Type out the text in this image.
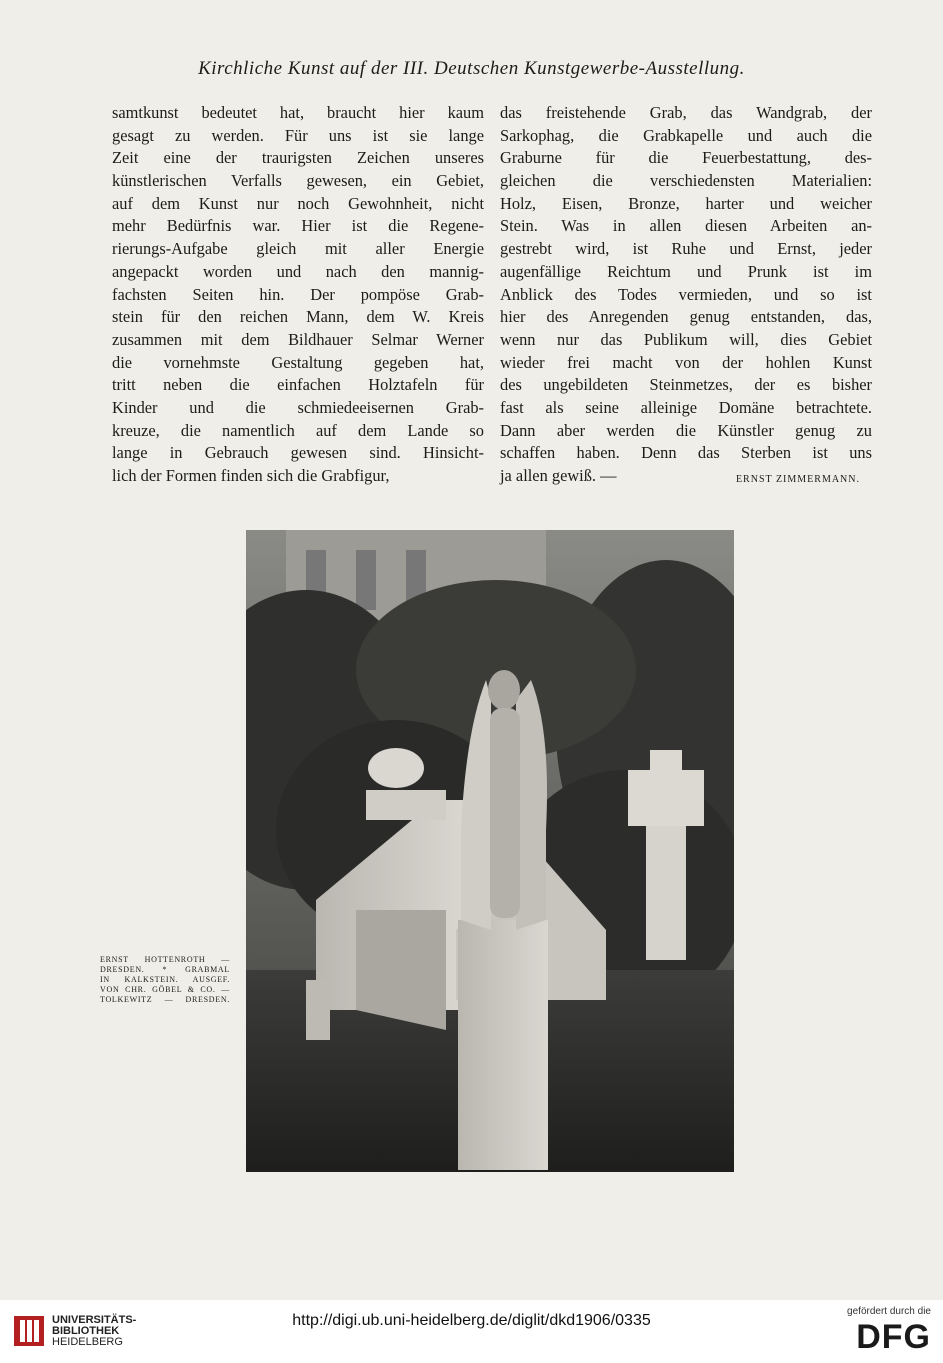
Kirchliche Kunst auf der III. Deutschen Kunstgewerbe-Ausstellung.
samtkunst bedeutet hat, braucht hier kaum
gesagt zu werden. Für uns ist sie lange
Zeit eine der traurigsten Zeichen unseres
künstlerischen Verfalls gewesen, ein Gebiet,
auf dem Kunst nur noch Gewohnheit, nicht
mehr Bedürfnis war. Hier ist die Regene-
rierungs-Aufgabe gleich mit aller Energie
angepackt worden und nach den mannig-
fachsten Seiten hin. Der pompöse Grab-
stein für den reichen Mann, dem W. Kreis
zusammen mit dem Bildhauer Selmar Werner
die vornehmste Gestaltung gegeben hat,
tritt neben die einfachen Holztafeln für
Kinder und die schmiedeeisernen Grab-
kreuze, die namentlich auf dem Lande so
lange in Gebrauch gewesen sind. Hinsicht-
lich der Formen finden sich die Grabfigur,
das freistehende Grab, das Wandgrab, der
Sarkophag, die Grabkapelle und auch die
Graburne für die Feuerbestattung, des-
gleichen die verschiedensten Materialien:
Holz, Eisen, Bronze, harter und weicher
Stein. Was in allen diesen Arbeiten an-
gestrebt wird, ist Ruhe und Ernst, jeder
augenfällige Reichtum und Prunk ist im
Anblick des Todes vermieden, und so ist
hier des Anregenden genug entstanden, das,
wenn nur das Publikum will, dies Gebiet
wieder frei macht von der hohlen Kunst
des ungebildeten Steinmetzes, der es bisher
fast als seine alleinige Domäne betrachtete.
Dann aber werden die Künstler genug zu
schaffen haben. Denn das Sterben ist uns
ja allen gewiß. —	ERNST ZIMMERMANN.
ERNST HOTTENROTH —
DRESDEN. * GRABMAL
IN KALKSTEIN. AUSGEF.
VON CHR. GÖBEL & CO. —
TOLKEWITZ — DRESDEN.
UNIVERSITÄTS-
BIBLIOTHEK
HEIDELBERG
http://digi.ub.uni-heidelberg.de/diglit/dkd1906/0335
gefördert durch die
DFG
